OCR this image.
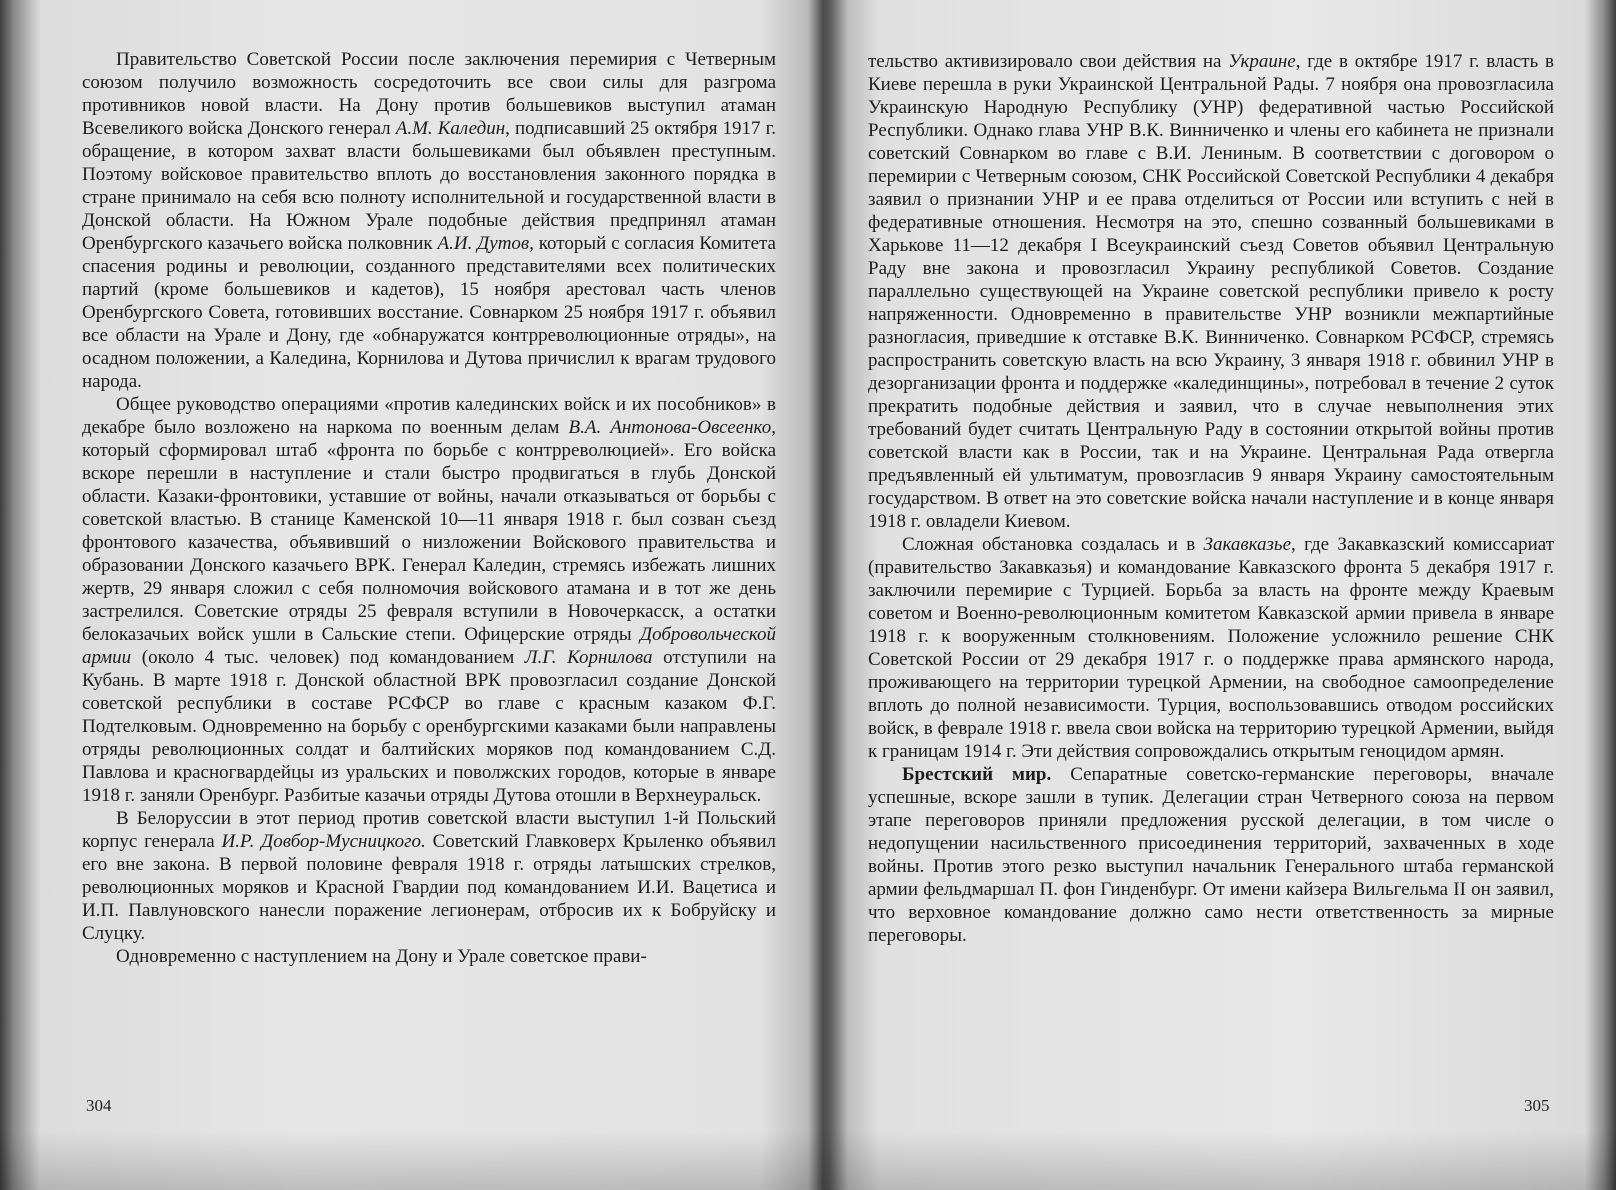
Правительство Советской России после заключения перемирия с Четверным союзом получило возможность сосредоточить все свои силы для разгрома противников новой власти. На Дону против большевиков выступил атаман Всевеликого войска Донского генерал А.М. Каледин, подписавший 25 октября 1917 г. обращение, в котором захват власти большевиками был объявлен преступным. Поэтому войсковое правительство вплоть до восстановления законного порядка в стране принимало на себя всю полноту исполнительной и государственной власти в Донской области. На Южном Урале подобные действия предпринял атаман Оренбургского казачьего войска полковник А.И. Дутов, который с согласия Комитета спасения родины и революции, созданного представителями всех политических партий (кроме большевиков и кадетов), 15 ноября арестовал часть членов Оренбургского Совета, готовивших восстание. Совнарком 25 ноября 1917 г. объявил все области на Урале и Дону, где «обнаружатся контрреволюционные отряды», на осадном положении, а Каледина, Корнилова и Дутова причислил к врагам трудового народа.

Общее руководство операциями «против калединских войск и их пособников» в декабре было возложено на наркома по военным делам В.А. Антонова-Овсеенко, который сформировал штаб «фронта по борьбе с контрреволюцией». Его войска вскоре перешли в наступление и стали быстро продвигаться в глубь Донской области. Казаки-фронтовики, уставшие от войны, начали отказываться от борьбы с советской властью. В станице Каменской 10—11 января 1918 г. был созван съезд фронтового казачества, объявивший о низложении Войскового правительства и образовании Донского казачьего ВРК. Генерал Каледин, стремясь избежать лишних жертв, 29 января сложил с себя полномочия войскового атамана и в тот же день застрелился. Советские отряды 25 февраля вступили в Новочеркасск, а остатки белоказачьих войск ушли в Сальские степи. Офицерские отряды Добровольческой армии (около 4 тыс. человек) под командованием Л.Г. Корнилова отступили на Кубань. В марте 1918 г. Донской областной ВРК провозгласил создание Донской советской республики в составе РСФСР во главе с красным казаком Ф.Г. Подтелковым. Одновременно на борьбу с оренбургскими казаками были направлены отряды революционных солдат и балтийских моряков под командованием С.Д. Павлова и красногвардейцы из уральских и поволжских городов, которые в январе 1918 г. заняли Оренбург. Разбитые казачьи отряды Дутова отошли в Верхнеуральск.

В Белоруссии в этот период против советской власти выступил 1-й Польский корпус генерала И.Р. Довбор-Мусницкого. Советский Главковерх Крыленко объявил его вне закона. В первой половине февраля 1918 г. отряды латышских стрелков, революционных моряков и Красной Гвардии под командованием И.И. Вацетиса и И.П. Павлуновского нанесли поражение легионерам, отбросив их к Бобруйску и Слуцку.

Одновременно с наступлением на Дону и Урале советское прави-

304

тельство активизировало свои действия на Украине, где в октябре 1917 г. власть в Киеве перешла в руки Украинской Центральной Рады. 7 ноября она провозгласила Украинскую Народную Республику (УНР) федеративной частью Российской Республики. Однако глава УНР В.К. Винниченко и члены его кабинета не признали советский Совнарком во главе с В.И. Лениным. В соответствии с договором о перемирии с Четверным союзом, СНК Российской Советской Республики 4 декабря заявил о признании УНР и ее права отделиться от России или вступить с ней в федеративные отношения. Несмотря на это, спешно созванный большевиками в Харькове 11—12 декабря I Всеукраинский съезд Советов объявил Центральную Раду вне закона и провозгласил Украину республикой Советов. Создание параллельно существующей на Украине советской республики привело к росту напряженности. Одновременно в правительстве УНР возникли межпартийные разногласия, приведшие к отставке В.К. Винниченко. Совнарком РСФСР, стремясь распространить советскую власть на всю Украину, 3 января 1918 г. обвинил УНР в дезорганизации фронта и поддержке «калединщины», потребовал в течение 2 суток прекратить подобные действия и заявил, что в случае невыполнения этих требований будет считать Центральную Раду в состоянии открытой войны против советской власти как в России, так и на Украине. Центральная Рада отвергла предъявленный ей ультиматум, провозгласив 9 января Украину самостоятельным государством. В ответ на это советские войска начали наступление и в конце января 1918 г. овладели Киевом.

Сложная обстановка создалась и в Закавказье, где Закавказский комиссариат (правительство Закавказья) и командование Кавказского фронта 5 декабря 1917 г. заключили перемирие с Турцией. Борьба за власть на фронте между Краевым советом и Военно-революционным комитетом Кавказской армии привела в январе 1918 г. к вооруженным столкновениям. Положение усложнило решение СНК Советской России от 29 декабря 1917 г. о поддержке права армянского народа, проживающего на территории турецкой Армении, на свободное самоопределение вплоть до полной независимости. Турция, воспользовавшись отводом российских войск, в феврале 1918 г. ввела свои войска на территорию турецкой Армении, выйдя к границам 1914 г. Эти действия сопровождались открытым геноцидом армян.

Брестский мир. Сепаратные советско-германские переговоры, вначале успешные, вскоре зашли в тупик. Делегации стран Четверного союза на первом этапе переговоров приняли предложения русской делегации, в том числе о недопущении насильственного присоединения территорий, захваченных в ходе войны. Против этого резко выступил начальник Генерального штаба германской армии фельдмаршал П. фон Гинденбург. От имени кайзера Вильгельма II он заявил, что верховное командование должно само нести ответственность за мирные переговоры.

305
